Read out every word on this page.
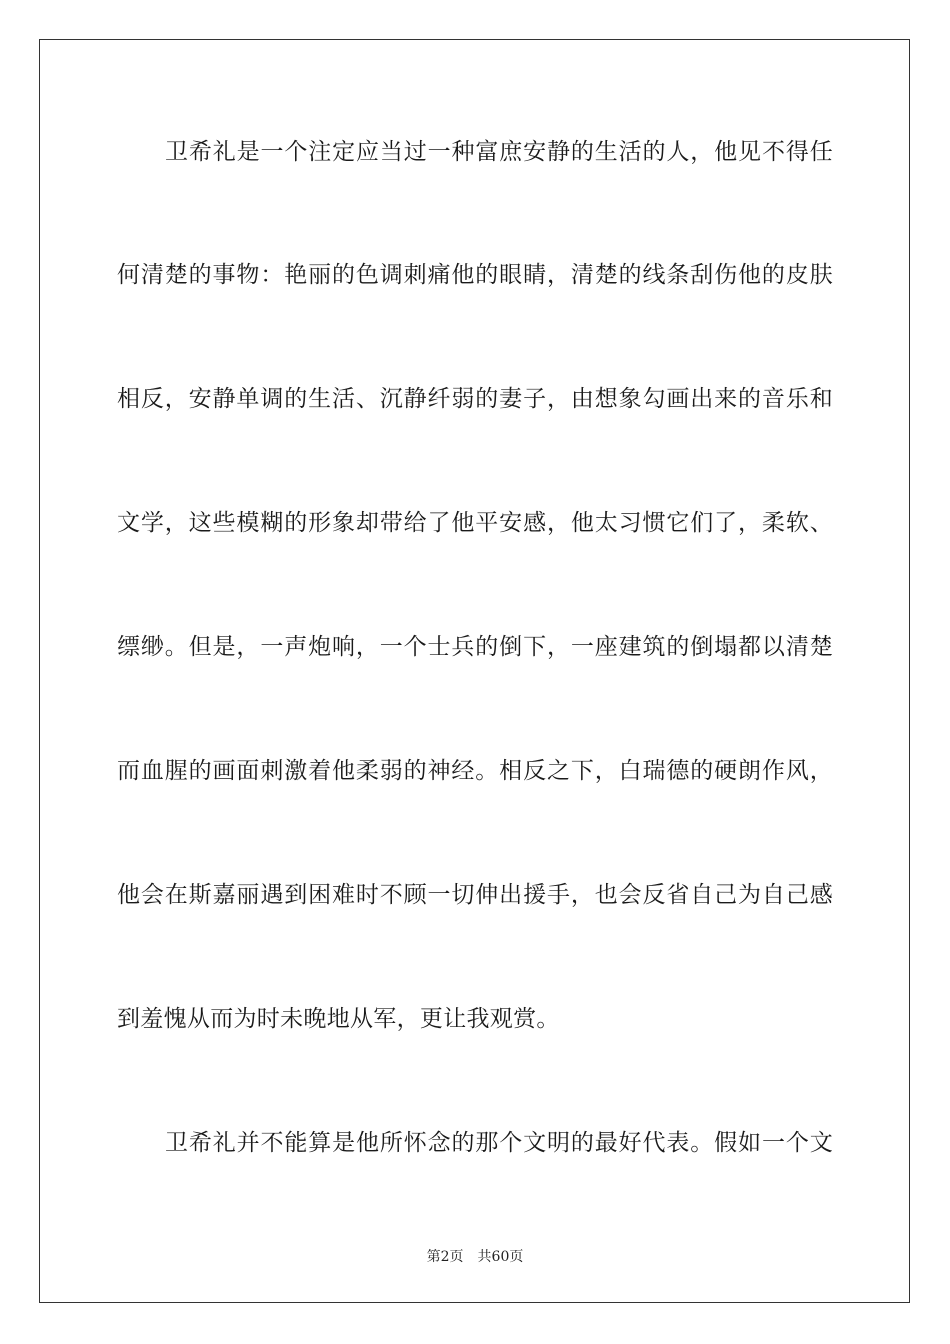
卫希礼是一个注定应当过一种富庶安静的生活的人，他见不得任
何清楚的事物：艳丽的色调刺痛他的眼睛，清楚的线条刮伤他的皮肤
相反，安静单调的生活、沉静纤弱的妻子，由想象勾画出来的音乐和
文学，这些模糊的形象却带给了他平安感，他太习惯它们了，柔软、
缥缈。但是，一声炮响，一个士兵的倒下，一座建筑的倒塌都以清楚
而血腥的画面刺激着他柔弱的神经。相反之下，白瑞德的硬朗作风，
他会在斯嘉丽遇到困难时不顾一切伸出援手，也会反省自己为自己感
到羞愧从而为时未晚地从军，更让我观赏。
卫希礼并不能算是他所怀念的那个文明的最好代表。假如一个文
第2页 共60页
